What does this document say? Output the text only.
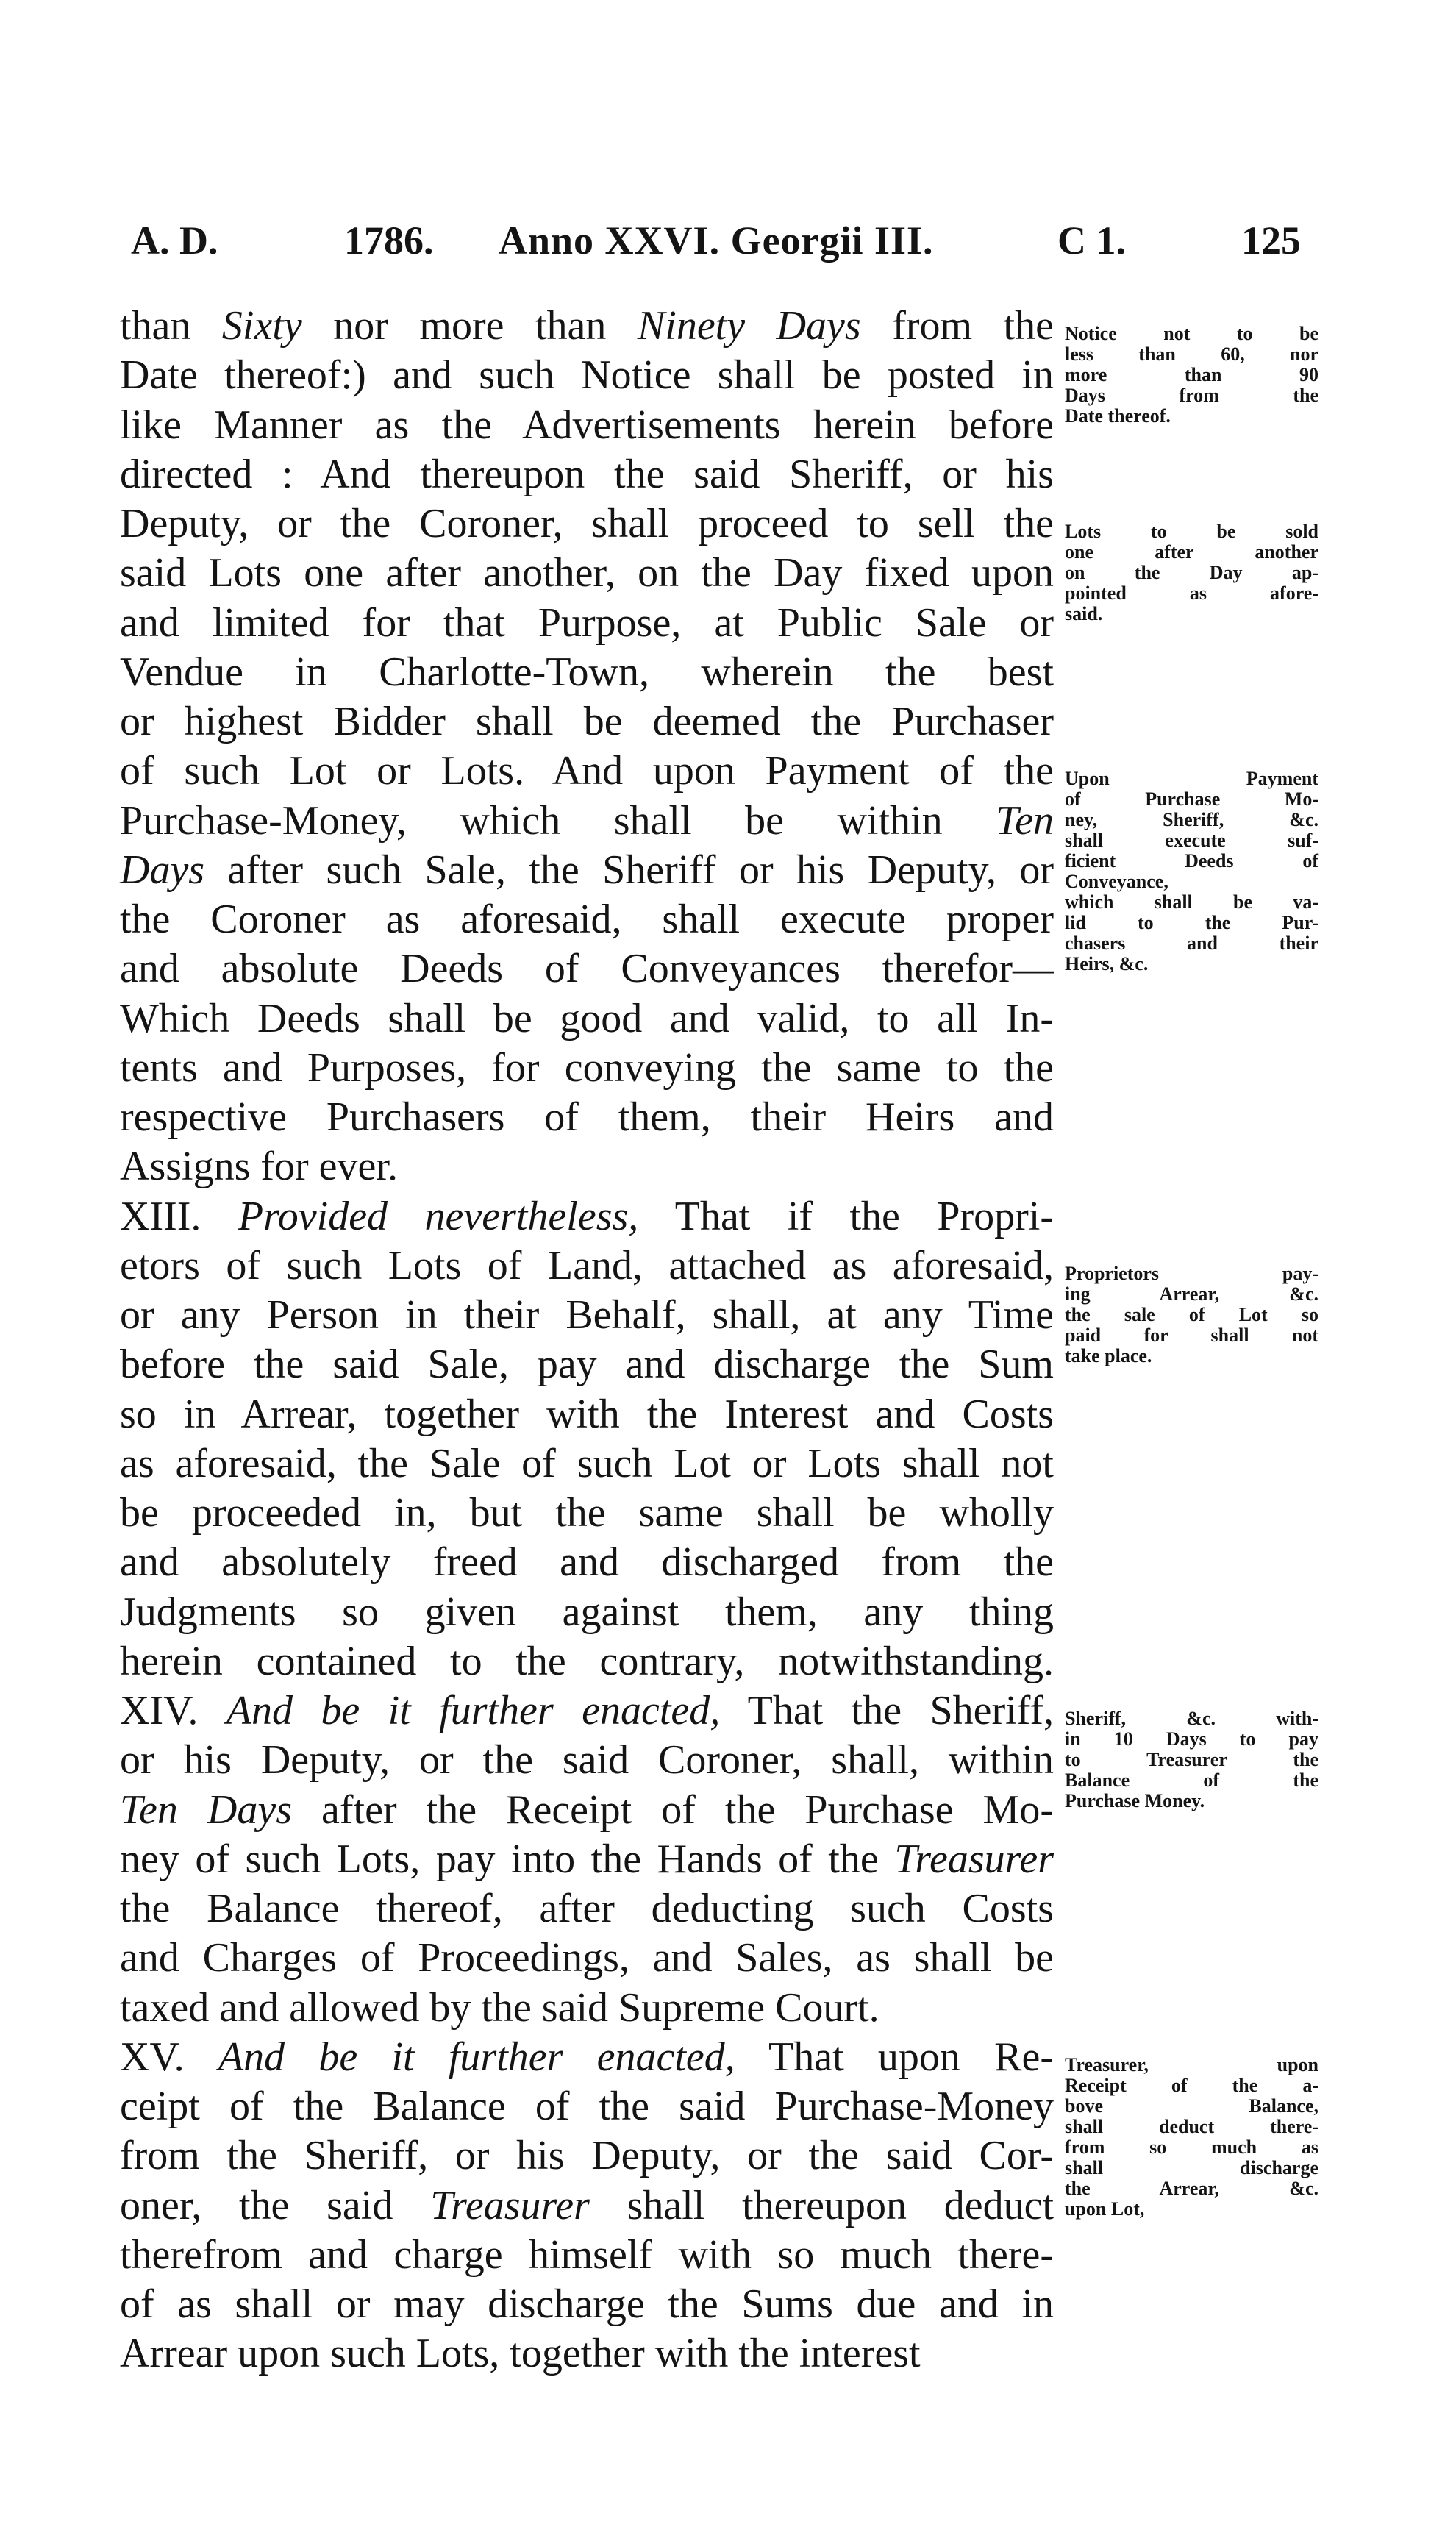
A. D.	1786. Anno XXVI. Georgii III.	C 1.	125
than Sixty nor more than Ninety Days from the
Date thereof:) and such Notice shall be posted in
like Manner as the Advertisements herein before
directed : And thereupon the said Sheriff, or his
Deputy, or the Coroner, shall proceed to sell the
said Lots one after another, on the Day fixed upon
and limited for that Purpose, at Public Sale or
Vendue in Charlotte-Town, wherein the best
or highest Bidder shall be deemed the Purchaser
of such Lot or Lots. And upon Payment of the
Purchase-Money, which shall be within Ten
Days after such Sale, the Sheriff or his Deputy, or
the Coroner as aforesaid, shall execute proper
and absolute Deeds of Conveyances therefor—
Which Deeds shall be good and valid, to all In-
tents and Purposes, for conveying the same to the
respective Purchasers of them, their Heirs and
Assigns for ever.
XIII. Provided nevertheless, That if the Propri-
etors of such Lots of Land, attached as aforesaid,
or any Person in their Behalf, shall, at any Time
before the said Sale, pay and discharge the Sum
so in Arrear, together with the Interest and Costs
as aforesaid, the Sale of such Lot or Lots shall not
be proceeded in, but the same shall be wholly
and absolutely freed and discharged from the
Judgments so given against them, any thing
herein contained to the contrary, notwithstanding.
XIV. And be it further enacted, That the Sheriff,
or his Deputy, or the said Coroner, shall, within
Ten Days after the Receipt of the Purchase Mo-
ney of such Lots, pay into the Hands of the Treasurer
the Balance thereof, after deducting such Costs
and Charges of Proceedings, and Sales, as shall be
taxed and allowed by the said Supreme Court.
XV. And be it further enacted, That upon Re-
ceipt of the Balance of the said Purchase-Money
from the Sheriff, or his Deputy, or the said Cor-
oner, the said Treasurer shall thereupon deduct
therefrom and charge himself with so much there-
of as shall or may discharge the Sums due and in
Arrear upon such Lots, together with the interest
Notice not to be
less than 60, nor
more than 90
Days from the
Date thereof.
Lots to be sold
one after another
on the Day ap-
pointed as afore-
said.
Upon Payment
of Purchase Mo-
ney, Sheriff, &c.
shall execute suf-
ficient Deeds of
Conveyance,
which shall be va-
lid to the Pur-
chasers and their
Heirs, &c.
Proprietors pay-
ing Arrear, &c.
the sale of Lot so
paid for shall not
take place.
Sheriff, &c. with-
in 10 Days to pay
to Treasurer the
Balance of the
Purchase Money.
Treasurer, upon
Receipt of the a-
bove Balance,
shall deduct there-
from so much as
shall discharge
the Arrear, &c.
upon Lot,
